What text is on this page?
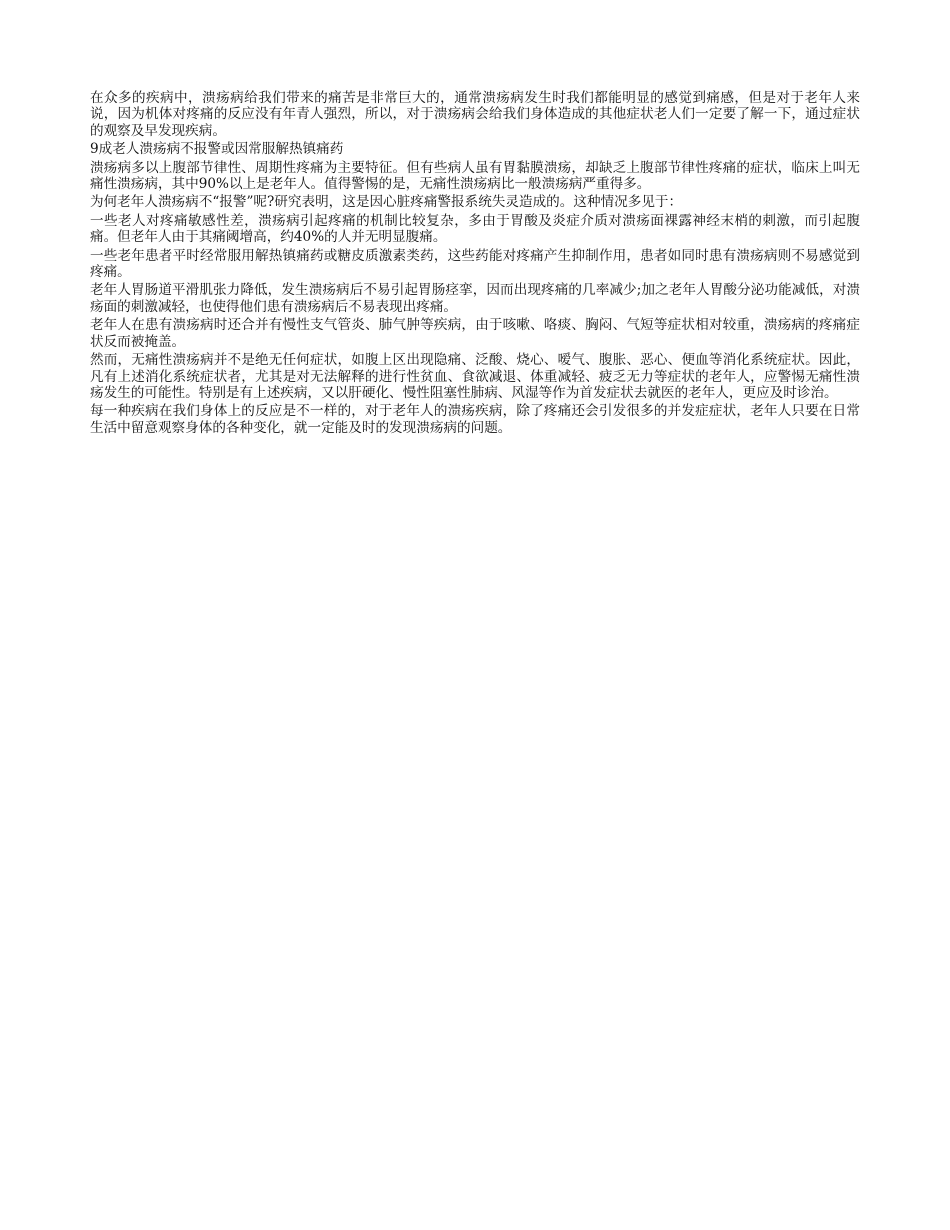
在众多的疾病中，溃疡病给我们带来的痛苦是非常巨大的，通常溃疡病发生时我们都能明显的感觉到痛感，但是对于老年人来说，因为机体对疼痛的反应没有年青人强烈，所以，对于溃疡病会给我们身体造成的其他症状老人们一定要了解一下，通过症状的观察及早发现疾病。

9成老人溃疡病不报警或因常服解热镇痛药

溃疡病多以上腹部节律性、周期性疼痛为主要特征。但有些病人虽有胃黏膜溃疡，却缺乏上腹部节律性疼痛的症状，临床上叫无痛性溃疡病，其中90%以上是老年人。值得警惕的是，无痛性溃疡病比一般溃疡病严重得多。

为何老年人溃疡病不“报警”呢?研究表明，这是因心脏疼痛警报系统失灵造成的。这种情况多见于：

一些老人对疼痛敏感性差，溃疡病引起疼痛的机制比较复杂，多由于胃酸及炎症介质对溃疡面裸露神经末梢的刺激，而引起腹痛。但老年人由于其痛阈增高，约40%的人并无明显腹痛。

一些老年患者平时经常服用解热镇痛药或糖皮质激素类药，这些药能对疼痛产生抑制作用，患者如同时患有溃疡病则不易感觉到疼痛。

老年人胃肠道平滑肌张力降低，发生溃疡病后不易引起胃肠痉挛，因而出现疼痛的几率减少;加之老年人胃酸分泌功能减低，对溃疡面的刺激减轻，也使得他们患有溃疡病后不易表现出疼痛。

老年人在患有溃疡病时还合并有慢性支气管炎、肺气肿等疾病，由于咳嗽、咯痰、胸闷、气短等症状相对较重，溃疡病的疼痛症状反而被掩盖。

然而，无痛性溃疡病并不是绝无任何症状，如腹上区出现隐痛、泛酸、烧心、嗳气、腹胀、恶心、便血等消化系统症状。因此，凡有上述消化系统症状者，尤其是对无法解释的进行性贫血、食欲减退、体重减轻、疲乏无力等症状的老年人，应警惕无痛性溃疡发生的可能性。特别是有上述疾病，又以肝硬化、慢性阻塞性肺病、风湿等作为首发症状去就医的老年人，更应及时诊治。

每一种疾病在我们身体上的反应是不一样的，对于老年人的溃疡疾病，除了疼痛还会引发很多的并发症症状，老年人只要在日常生活中留意观察身体的各种变化，就一定能及时的发现溃疡病的问题。
